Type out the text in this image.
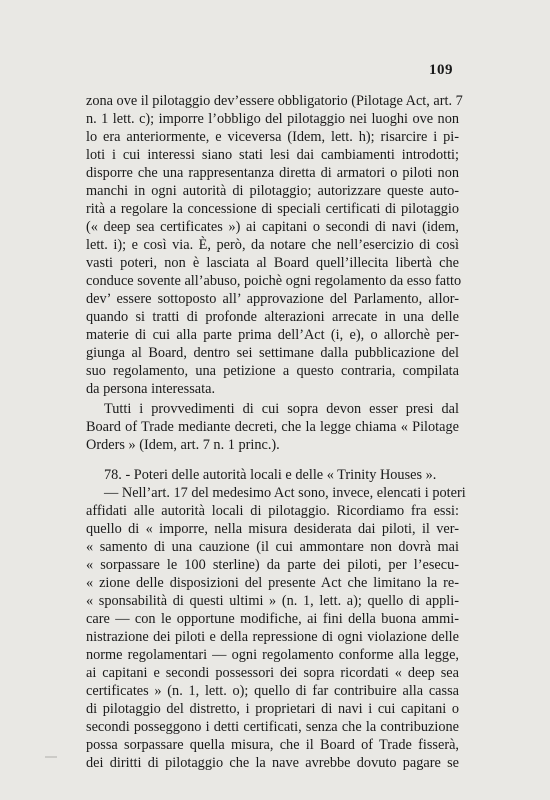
109
zona ove il pilotaggio dev’essere obbligatorio (Pilotage Act, art. 7
n. 1 lett. c); imporre l’obbligo del pilotaggio nei luoghi ove non
lo era anteriormente, e viceversa (Idem, lett. h); risarcire i pi-
loti i cui interessi siano stati lesi dai cambiamenti introdotti;
disporre che una rappresentanza diretta di armatori o piloti non
manchi in ogni autorità di pilotaggio; autorizzare queste auto-
rità a regolare la concessione di speciali certificati di pilotaggio
(« deep sea certificates ») ai capitani o secondi di navi (idem,
lett. i); e così via. È, però, da notare che nell’esercizio di così
vasti poteri, non è lasciata al Board quell’illecita libertà che
conduce sovente all’abuso, poichè ogni regolamento da esso fatto
dev’ essere sottoposto all’ approvazione del Parlamento, allor-
quando si tratti di profonde alterazioni arrecate in una delle
materie di cui alla parte prima dell’Act (i, e), o allorchè per-
giunga al Board, dentro sei settimane dalla pubblicazione del
suo regolamento, una petizione a questo contraria, compilata
da persona interessata.
Tutti i provvedimenti di cui sopra devon esser presi dal
Board of Trade mediante decreti, che la legge chiama « Pilotage
Orders » (Idem, art. 7 n. 1 princ.).
78. - Poteri delle autorità locali e delle « Trinity Houses ».
— Nell’art. 17 del medesimo Act sono, invece, elencati i poteri
affidati alle autorità locali di pilotaggio. Ricordiamo fra essi:
quello di « imporre, nella misura desiderata dai piloti, il ver-
« samento di una cauzione (il cui ammontare non dovrà mai
« sorpassare le 100 sterline) da parte dei piloti, per l’esecu-
« zione delle disposizioni del presente Act che limitano la re-
« sponsabilità di questi ultimi » (n. 1, lett. a); quello di appli-
care — con le opportune modifiche, ai fini della buona ammi-
nistrazione dei piloti e della repressione di ogni violazione delle
norme regolamentari — ogni regolamento conforme alla legge,
ai capitani e secondi possessori dei sopra ricordati « deep sea
certificates » (n. 1, lett. o); quello di far contribuire alla cassa
di pilotaggio del distretto, i proprietari di navi i cui capitani o
secondi posseggono i detti certificati, senza che la contribuzione
possa sorpassare quella misura, che il Board of Trade fisserà,
dei diritti di pilotaggio che la nave avrebbe dovuto pagare se
